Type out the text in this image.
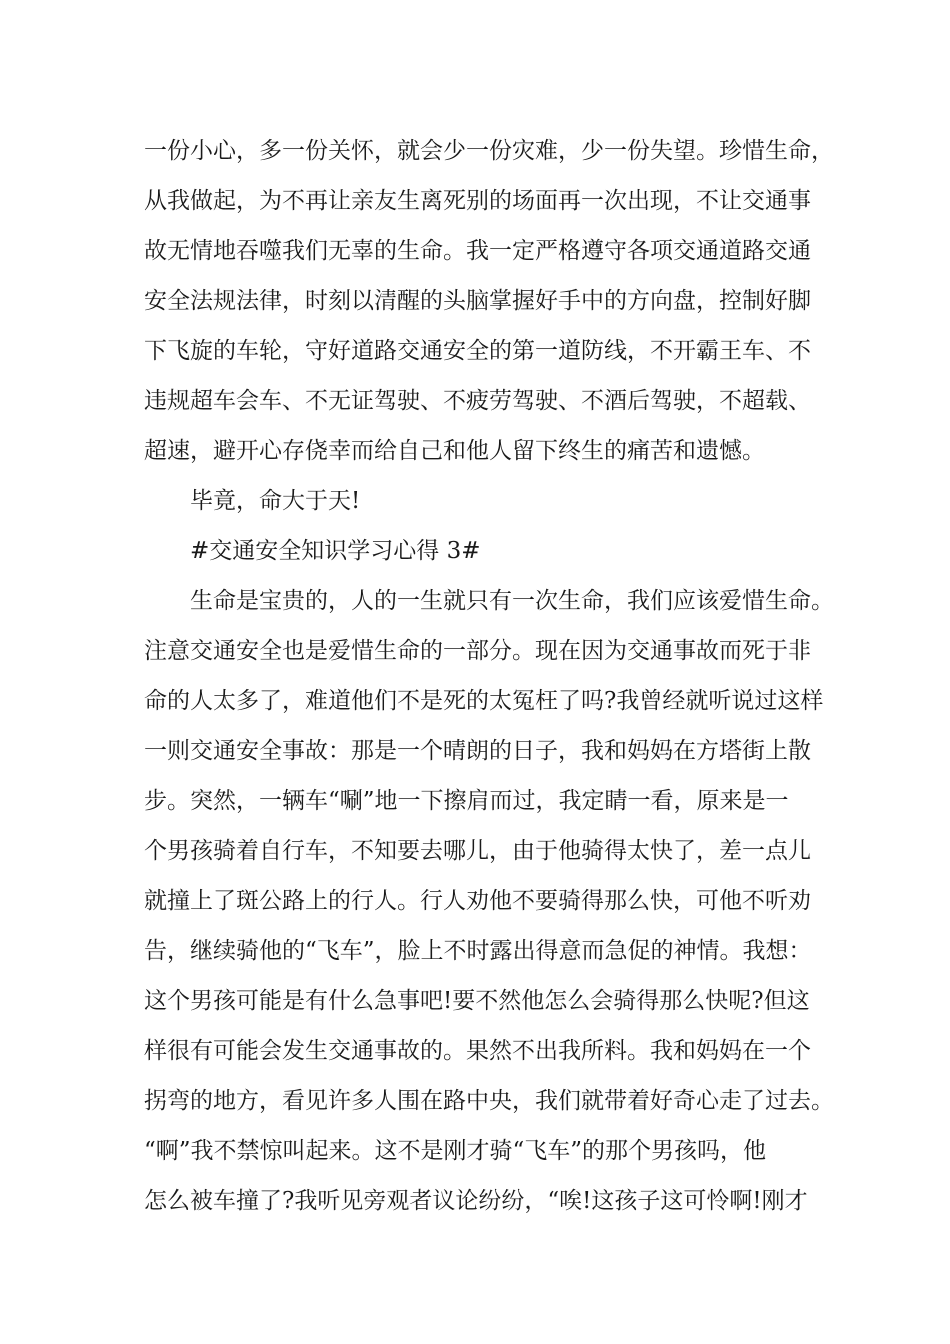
一份小心，多一份关怀，就会少一份灾难，少一份失望。珍惜生命，
从我做起，为不再让亲友生离死别的场面再一次出现，不让交通事
故无情地吞噬我们无辜的生命。我一定严格遵守各项交通道路交通
安全法规法律，时刻以清醒的头脑掌握好手中的方向盘，控制好脚
下飞旋的车轮，守好道路交通安全的第一道防线，不开霸王车、不
违规超车会车、不无证驾驶、不疲劳驾驶、不酒后驾驶，不超载、
超速，避开心存侥幸而给自己和他人留下终生的痛苦和遗憾。
毕竟，命大于天!
#交通安全知识学习心得 3#
生命是宝贵的，人的一生就只有一次生命，我们应该爱惜生命。
注意交通安全也是爱惜生命的一部分。现在因为交通事故而死于非
命的人太多了，难道他们不是死的太冤枉了吗?我曾经就听说过这样
一则交通安全事故：那是一个晴朗的日子，我和妈妈在方塔街上散
步。突然，一辆车“唰”地一下擦肩而过，我定睛一看，原来是一
个男孩骑着自行车，不知要去哪儿，由于他骑得太快了，差一点儿
就撞上了斑公路上的行人。行人劝他不要骑得那么快，可他不听劝
告，继续骑他的“飞车”，脸上不时露出得意而急促的神情。我想：
这个男孩可能是有什么急事吧!要不然他怎么会骑得那么快呢?但这
样很有可能会发生交通事故的。果然不出我所料。我和妈妈在一个
拐弯的地方，看见许多人围在路中央，我们就带着好奇心走了过去。
“啊”我不禁惊叫起来。这不是刚才骑“飞车”的那个男孩吗，他
怎么被车撞了?我听见旁观者议论纷纷，“唉!这孩子这可怜啊!刚才
